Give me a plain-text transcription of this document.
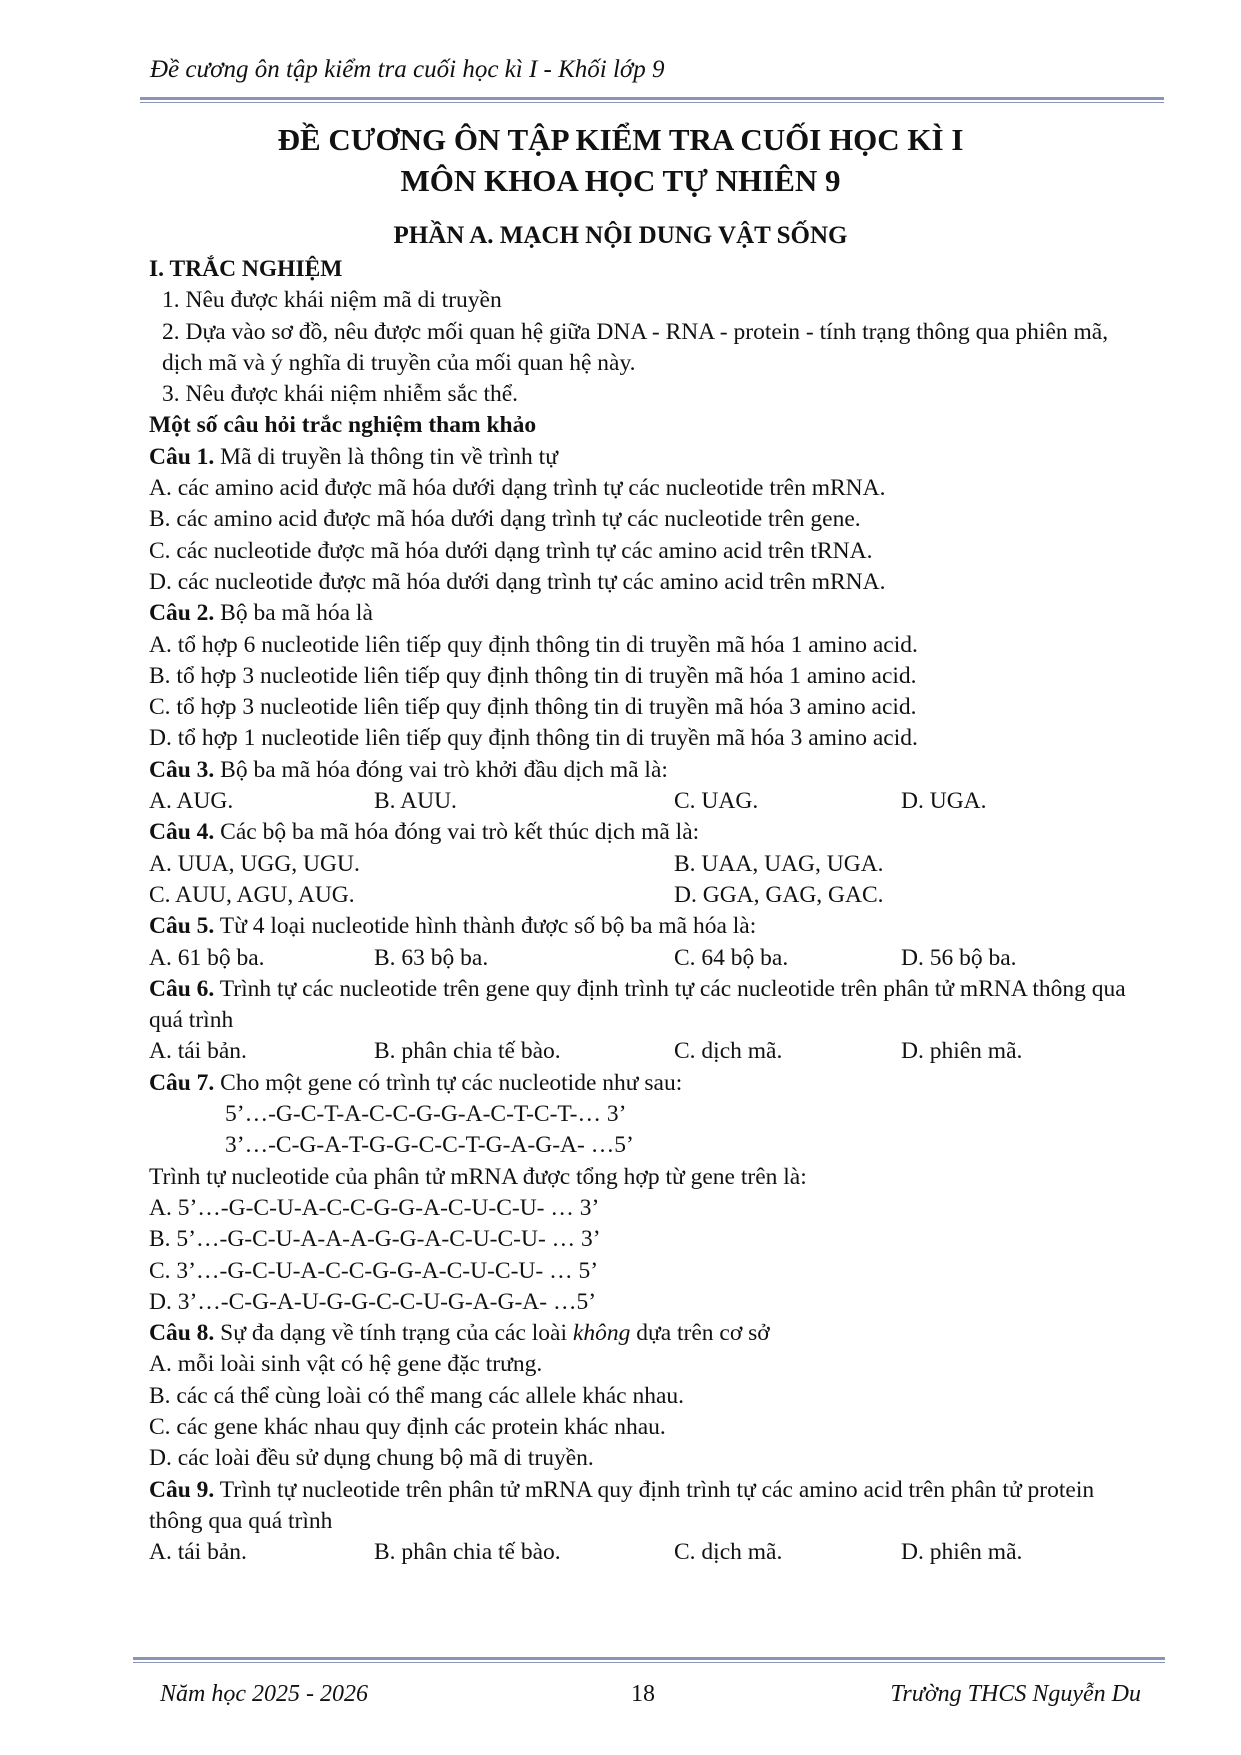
Đề cương ôn tập kiểm tra cuối học kì I - Khối lớp 9
ĐỀ CƯƠNG ÔN TẬP KIỂM TRA CUỐI HỌC KÌ I
MÔN KHOA HỌC TỰ NHIÊN 9
PHẦN A. MẠCH NỘI DUNG VẬT SỐNG
I. TRẮC NGHIỆM
1. Nêu được khái niệm mã di truyền
2. Dựa vào sơ đồ, nêu được mối quan hệ giữa DNA - RNA - protein - tính trạng thông qua phiên mã, dịch mã và ý nghĩa di truyền của mối quan hệ này.
3. Nêu được khái niệm nhiễm sắc thể.
Một số câu hỏi trắc nghiệm tham khảo
Câu 1. Mã di truyền là thông tin về trình tự
A. các amino acid được mã hóa dưới dạng trình tự các nucleotide trên mRNA.
B. các amino acid được mã hóa dưới dạng trình tự các nucleotide trên gene.
C. các nucleotide được mã hóa dưới dạng trình tự các amino acid trên tRNA.
D. các nucleotide được mã hóa dưới dạng trình tự các amino acid trên mRNA.
Câu 2. Bộ ba mã hóa là
A. tổ hợp 6 nucleotide liên tiếp quy định thông tin di truyền mã hóa 1 amino acid.
B. tổ hợp 3 nucleotide liên tiếp quy định thông tin di truyền mã hóa 1 amino acid.
C. tổ hợp 3 nucleotide liên tiếp quy định thông tin di truyền mã hóa 3 amino acid.
D. tổ hợp 1 nucleotide liên tiếp quy định thông tin di truyền mã hóa 3 amino acid.
Câu 3. Bộ ba mã hóa đóng vai trò khởi đầu dịch mã là:
A. AUG.	B. AUU.	C. UAG.	D. UGA.
Câu 4. Các bộ ba mã hóa đóng vai trò kết thúc dịch mã là:
A. UUA, UGG, UGU.	B. UAA, UAG, UGA.
C. AUU, AGU, AUG.	D. GGA, GAG, GAC.
Câu 5. Từ 4 loại nucleotide hình thành được số bộ ba mã hóa là:
A. 61 bộ ba.	B. 63 bộ ba.	C. 64 bộ ba.	D. 56 bộ ba.
Câu 6. Trình tự các nucleotide trên gene quy định trình tự các nucleotide trên phân tử mRNA thông qua quá trình
A. tái bản.	B. phân chia tế bào.	C. dịch mã.	D. phiên mã.
Câu 7. Cho một gene có trình tự các nucleotide như sau:
5’…-G-C-T-A-C-C-G-G-A-C-T-C-T-… 3’
3’…-C-G-A-T-G-G-C-C-T-G-A-G-A- …5’
Trình tự nucleotide của phân tử mRNA được tổng hợp từ gene trên là:
A. 5’…-G-C-U-A-C-C-G-G-A-C-U-C-U- … 3’
B. 5’…-G-C-U-A-A-A-G-G-A-C-U-C-U- … 3’
C. 3’…-G-C-U-A-C-C-G-G-A-C-U-C-U- … 5’
D. 3’…-C-G-A-U-G-G-C-C-U-G-A-G-A- …5’
Câu 8. Sự đa dạng về tính trạng của các loài không dựa trên cơ sở
A. mỗi loài sinh vật có hệ gene đặc trưng.
B. các cá thể cùng loài có thể mang các allele khác nhau.
C. các gene khác nhau quy định các protein khác nhau.
D. các loài đều sử dụng chung bộ mã di truyền.
Câu 9. Trình tự nucleotide trên phân tử mRNA quy định trình tự các amino acid trên phân tử protein thông qua quá trình
A. tái bản.	B. phân chia tế bào.	C. dịch mã.	D. phiên mã.
Năm học 2025 - 2026	18	Trường THCS Nguyễn Du
